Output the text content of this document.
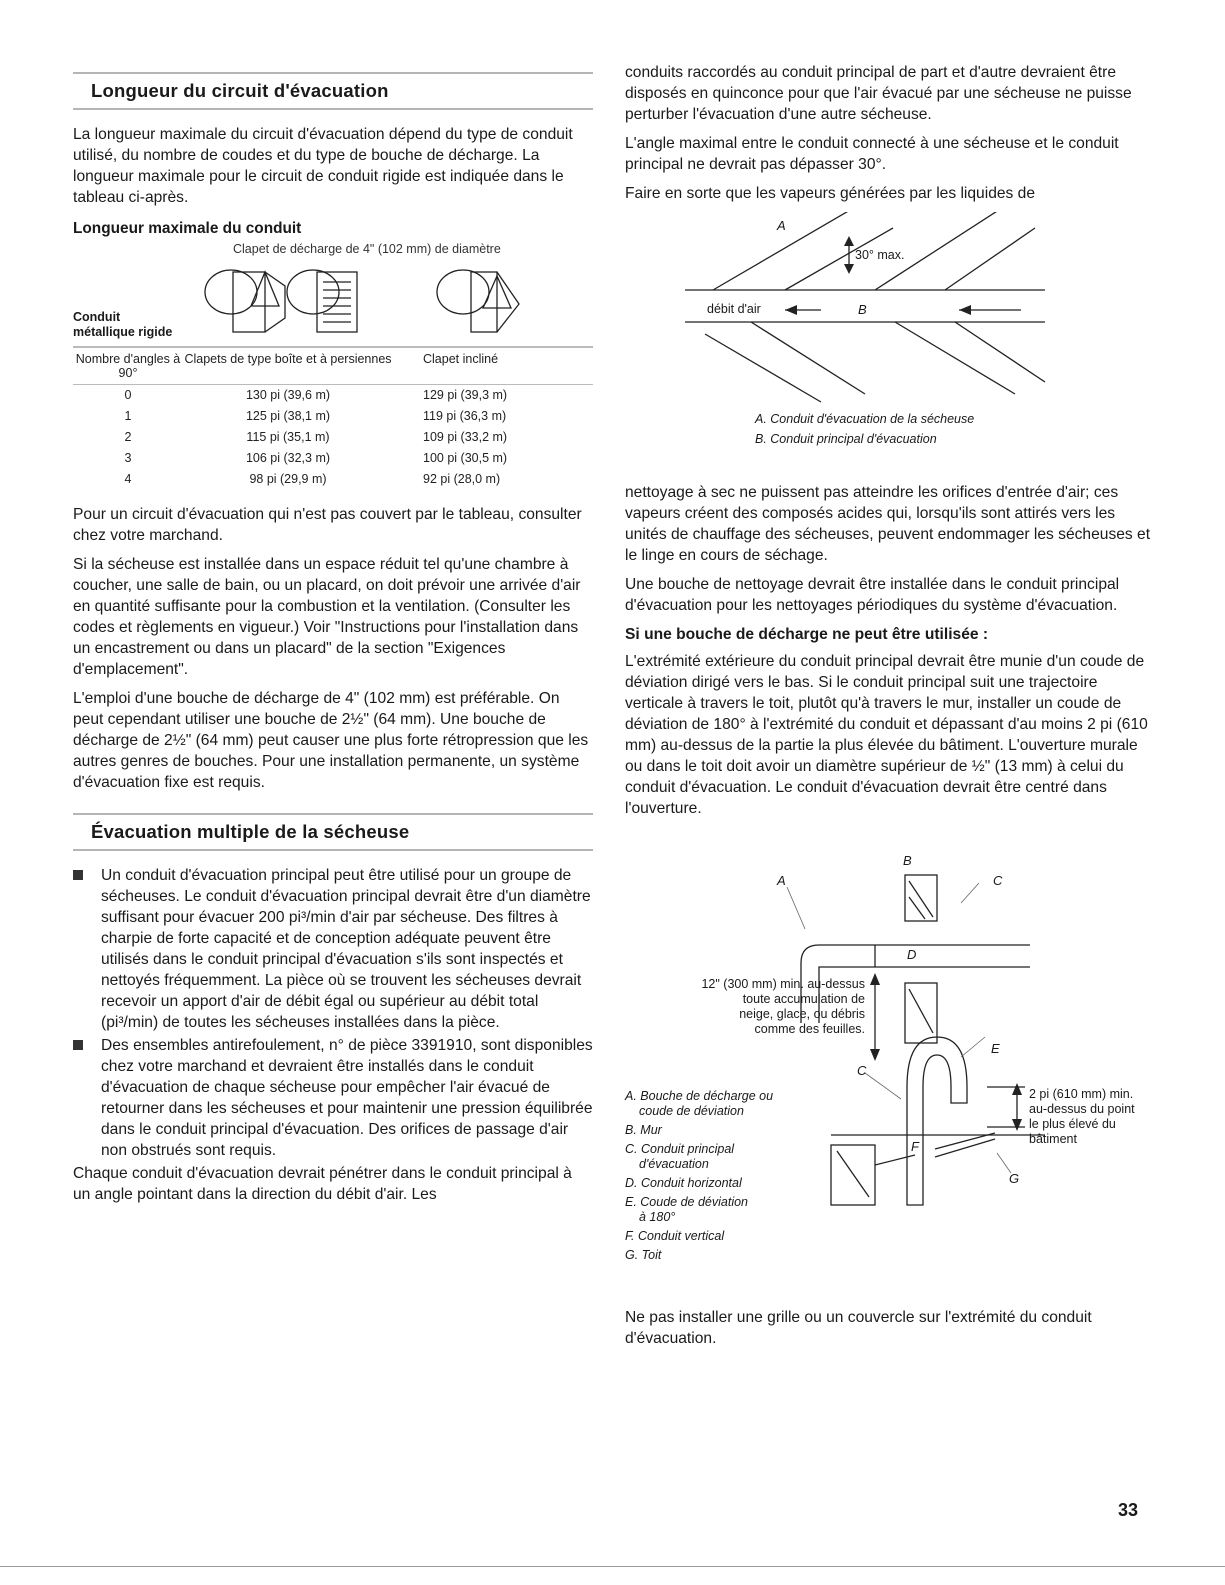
Longueur du circuit d'évacuation

La longueur maximale du circuit d'évacuation dépend du type de conduit utilisé, du nombre de coudes et du type de bouche de décharge. La longueur maximale pour le circuit de conduit rigide est indiquée dans le tableau ci-après.

Longueur maximale du conduit
Clapet de décharge de 4" (102 mm) de diamètre
Conduit
métallique rigide
Nombre d'angles à 90°	Clapets de type boîte et à persiennes	Clapet incliné
0	130 pi (39,6 m)	129 pi (39,3 m)
1	125 pi (38,1 m)	119 pi (36,3 m)
2	115 pi (35,1 m)	109 pi (33,2 m)
3	106 pi (32,3 m)	100 pi (30,5 m)
4	98 pi (29,9 m)	92 pi (28,0 m)

Pour un circuit d'évacuation qui n'est pas couvert par le tableau, consulter chez votre marchand.

Si la sécheuse est installée dans un espace réduit tel qu'une chambre à coucher, une salle de bain, ou un placard, on doit prévoir une arrivée d'air en quantité suffisante pour la combustion et la ventilation. (Consulter les codes et règlements en vigueur.) Voir "Instructions pour l'installation dans un encastrement ou dans un placard" de la section "Exigences d'emplacement".

L'emploi d'une bouche de décharge de 4" (102 mm) est préférable. On peut cependant utiliser une bouche de 2½" (64 mm). Une bouche de décharge de 2½" (64 mm) peut causer une plus forte rétropression que les autres genres de bouches. Pour une installation permanente, un système d'évacuation fixe est requis.

Évacuation multiple de la sécheuse
Un conduit d'évacuation principal peut être utilisé pour un groupe de sécheuses. Le conduit d'évacuation principal devrait être d'un diamètre suffisant pour évacuer 200 pi³/min d'air par sécheuse. Des filtres à charpie de forte capacité et de conception adéquate peuvent être utilisés dans le conduit principal d'évacuation s'ils sont inspectés et nettoyés fréquemment. La pièce où se trouvent les sécheuses devrait recevoir un apport d'air de débit égal ou supérieur au débit total (pi³/min) de toutes les sécheuses installées dans la pièce.
Des ensembles antirefoulement, n° de pièce 3391910, sont disponibles chez votre marchand et devraient être installés dans le conduit d'évacuation de chaque sécheuse pour empêcher l'air évacué de retourner dans les sécheuses et pour maintenir une pression équilibrée dans le conduit principal d'évacuation. Des orifices de passage d'air non obstrués sont requis.

Chaque conduit d'évacuation devrait pénétrer dans le conduit principal à un angle pointant dans la direction du débit d'air. Les

conduits raccordés au conduit principal de part et d'autre devraient être disposés en quinconce pour que l'air évacué par une sécheuse ne puisse perturber l'évacuation d'une autre sécheuse.

L'angle maximal entre le conduit connecté à une sécheuse et le conduit principal ne devrait pas dépasser 30°.

Faire en sorte que les vapeurs générées par les liquides de

A
B
30° max.
débit d'air
A. Conduit d'évacuation de la sécheuse
B. Conduit principal d'évacuation

nettoyage à sec ne puissent pas atteindre les orifices d'entrée d'air; ces vapeurs créent des composés acides qui, lorsqu'ils sont attirés vers les unités de chauffage des sécheuses, peuvent endommager les sécheuses et le linge en cours de séchage.

Une bouche de nettoyage devrait être installée dans le conduit principal d'évacuation pour les nettoyages périodiques du système d'évacuation.

Si une bouche de décharge ne peut être utilisée :

L'extrémité extérieure du conduit principal devrait être munie d'un coude de déviation dirigé vers le bas. Si le conduit principal suit une trajectoire verticale à travers le toit, plutôt qu'à travers le mur, installer un coude de déviation de 180° à l'extrémité du conduit et dépassant d'au moins 2 pi (610 mm) au-dessus de la partie la plus élevée du bâtiment. L'ouverture murale ou dans le toit doit avoir un diamètre supérieur de ½" (13 mm) à celui du conduit d'évacuation. Le conduit d'évacuation devrait être centré dans l'ouverture.

B
A	C
D
E
C
F
G
12" (300 mm) min. au-dessus
toute accumulation de
neige, glace, ou débris
comme des feuilles.
2 pi (610 mm) min.
au-dessus du point
le plus élevé du
bâtiment
A. Bouche de décharge ou
coude de déviation
B. Mur
C. Conduit principal
d'évacuation
D. Conduit horizontal
E. Coude de déviation
à 180°
F. Conduit vertical
G. Toit

Ne pas installer une grille ou un couvercle sur l'extrémité du conduit d'évacuation.

33
